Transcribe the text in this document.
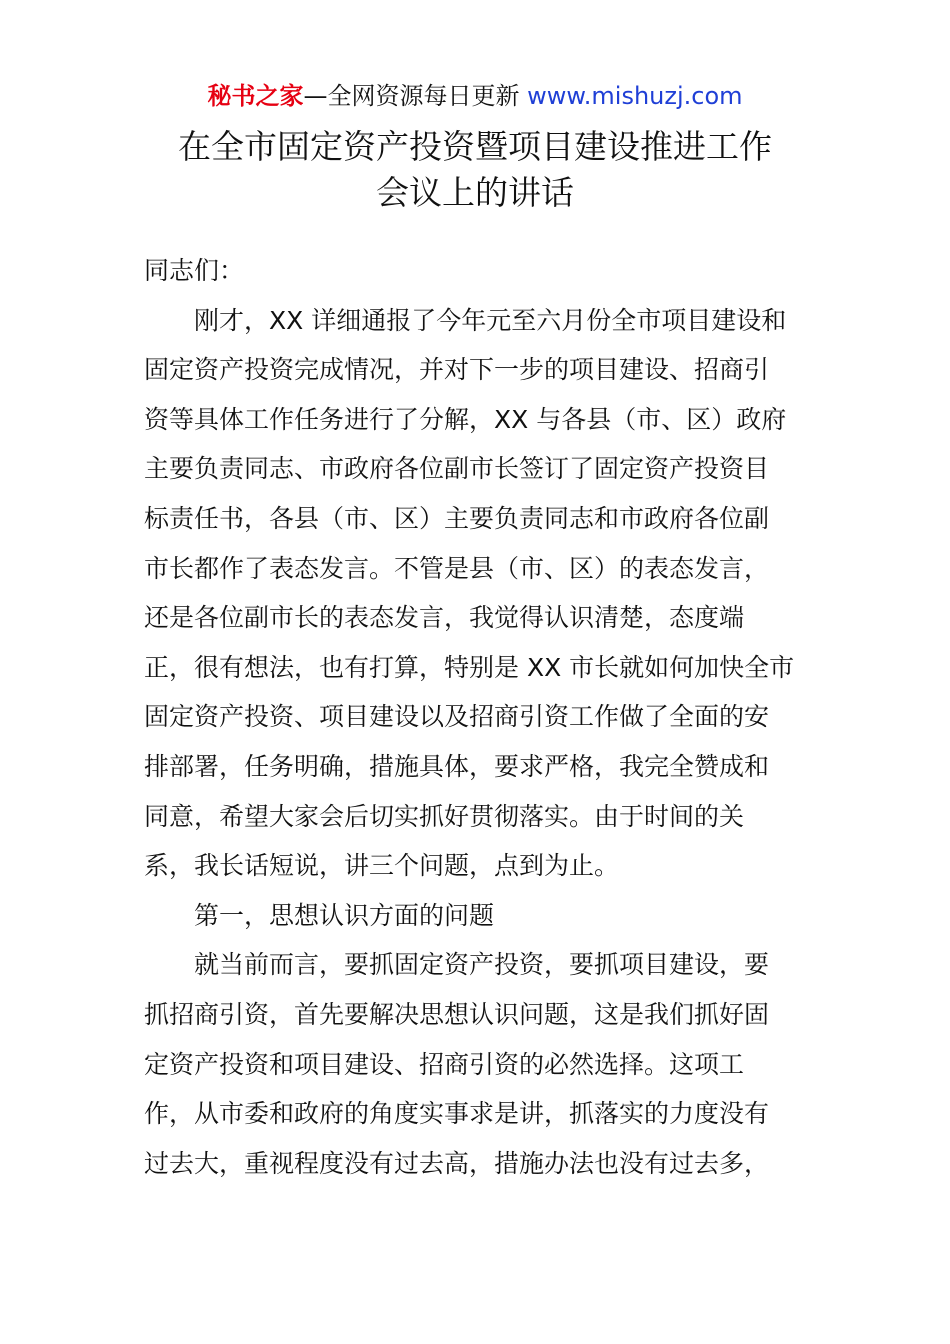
秘书之家—全网资源每日更新 www.mishuzj.com
在全市固定资产投资暨项目建设推进工作
会议上的讲话
同志们：
刚才，XX 详细通报了今年元至六月份全市项目建设和
固定资产投资完成情况，并对下一步的项目建设、招商引
资等具体工作任务进行了分解，XX 与各县（市、区）政府
主要负责同志、市政府各位副市长签订了固定资产投资目
标责任书，各县（市、区）主要负责同志和市政府各位副
市长都作了表态发言。不管是县（市、区）的表态发言，
还是各位副市长的表态发言，我觉得认识清楚，态度端
正，很有想法，也有打算，特别是 XX 市长就如何加快全市
固定资产投资、项目建设以及招商引资工作做了全面的安
排部署，任务明确，措施具体，要求严格，我完全赞成和
同意，希望大家会后切实抓好贯彻落实。由于时间的关
系，我长话短说，讲三个问题，点到为止。
第一，思想认识方面的问题
就当前而言，要抓固定资产投资，要抓项目建设，要
抓招商引资，首先要解决思想认识问题，这是我们抓好固
定资产投资和项目建设、招商引资的必然选择。这项工
作，从市委和政府的角度实事求是讲，抓落实的力度没有
过去大，重视程度没有过去高，措施办法也没有过去多，
